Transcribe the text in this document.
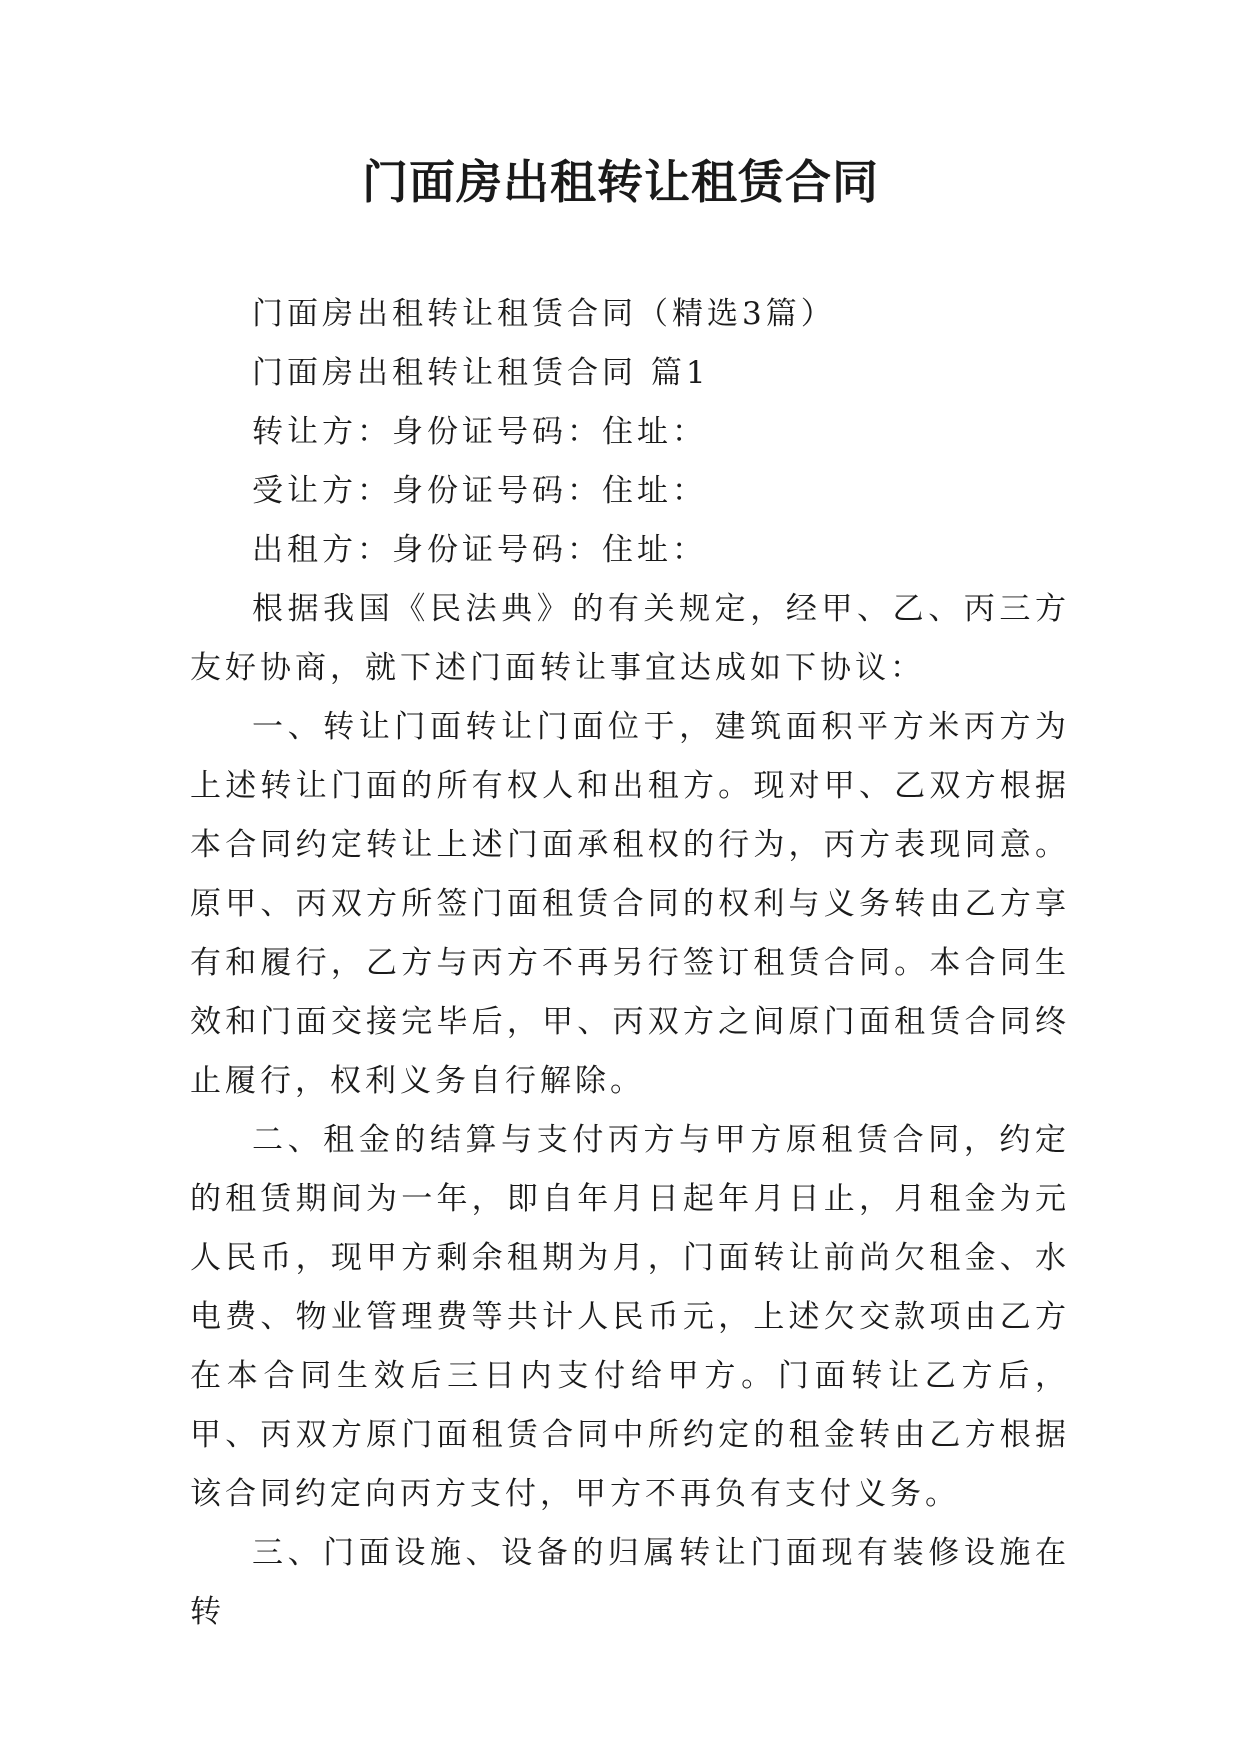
门面房出租转让租赁合同

门面房出租转让租赁合同（精选3篇）

门面房出租转让租赁合同 篇1

转让方：身份证号码：住址：

受让方：身份证号码：住址：

出租方：身份证号码：住址：

根据我国《民法典》的有关规定，经甲、乙、丙三方友好协商，就下述门面转让事宜达成如下协议：

一、转让门面转让门面位于，建筑面积平方米丙方为上述转让门面的所有权人和出租方。现对甲、乙双方根据本合同约定转让上述门面承租权的行为，丙方表现同意。原甲、丙双方所签门面租赁合同的权利与义务转由乙方享有和履行，乙方与丙方不再另行签订租赁合同。本合同生效和门面交接完毕后，甲、丙双方之间原门面租赁合同终止履行，权利义务自行解除。

二、租金的结算与支付丙方与甲方原租赁合同，约定的租赁期间为一年，即自年月日起年月日止，月租金为元人民币，现甲方剩余租期为月，门面转让前尚欠租金、水电费、物业管理费等共计人民币元，上述欠交款项由乙方在本合同生效后三日内支付给甲方。门面转让乙方后，甲、丙双方原门面租赁合同中所约定的租金转由乙方根据该合同约定向丙方支付，甲方不再负有支付义务。

三、门面设施、设备的归属转让门面现有装修设施在转
